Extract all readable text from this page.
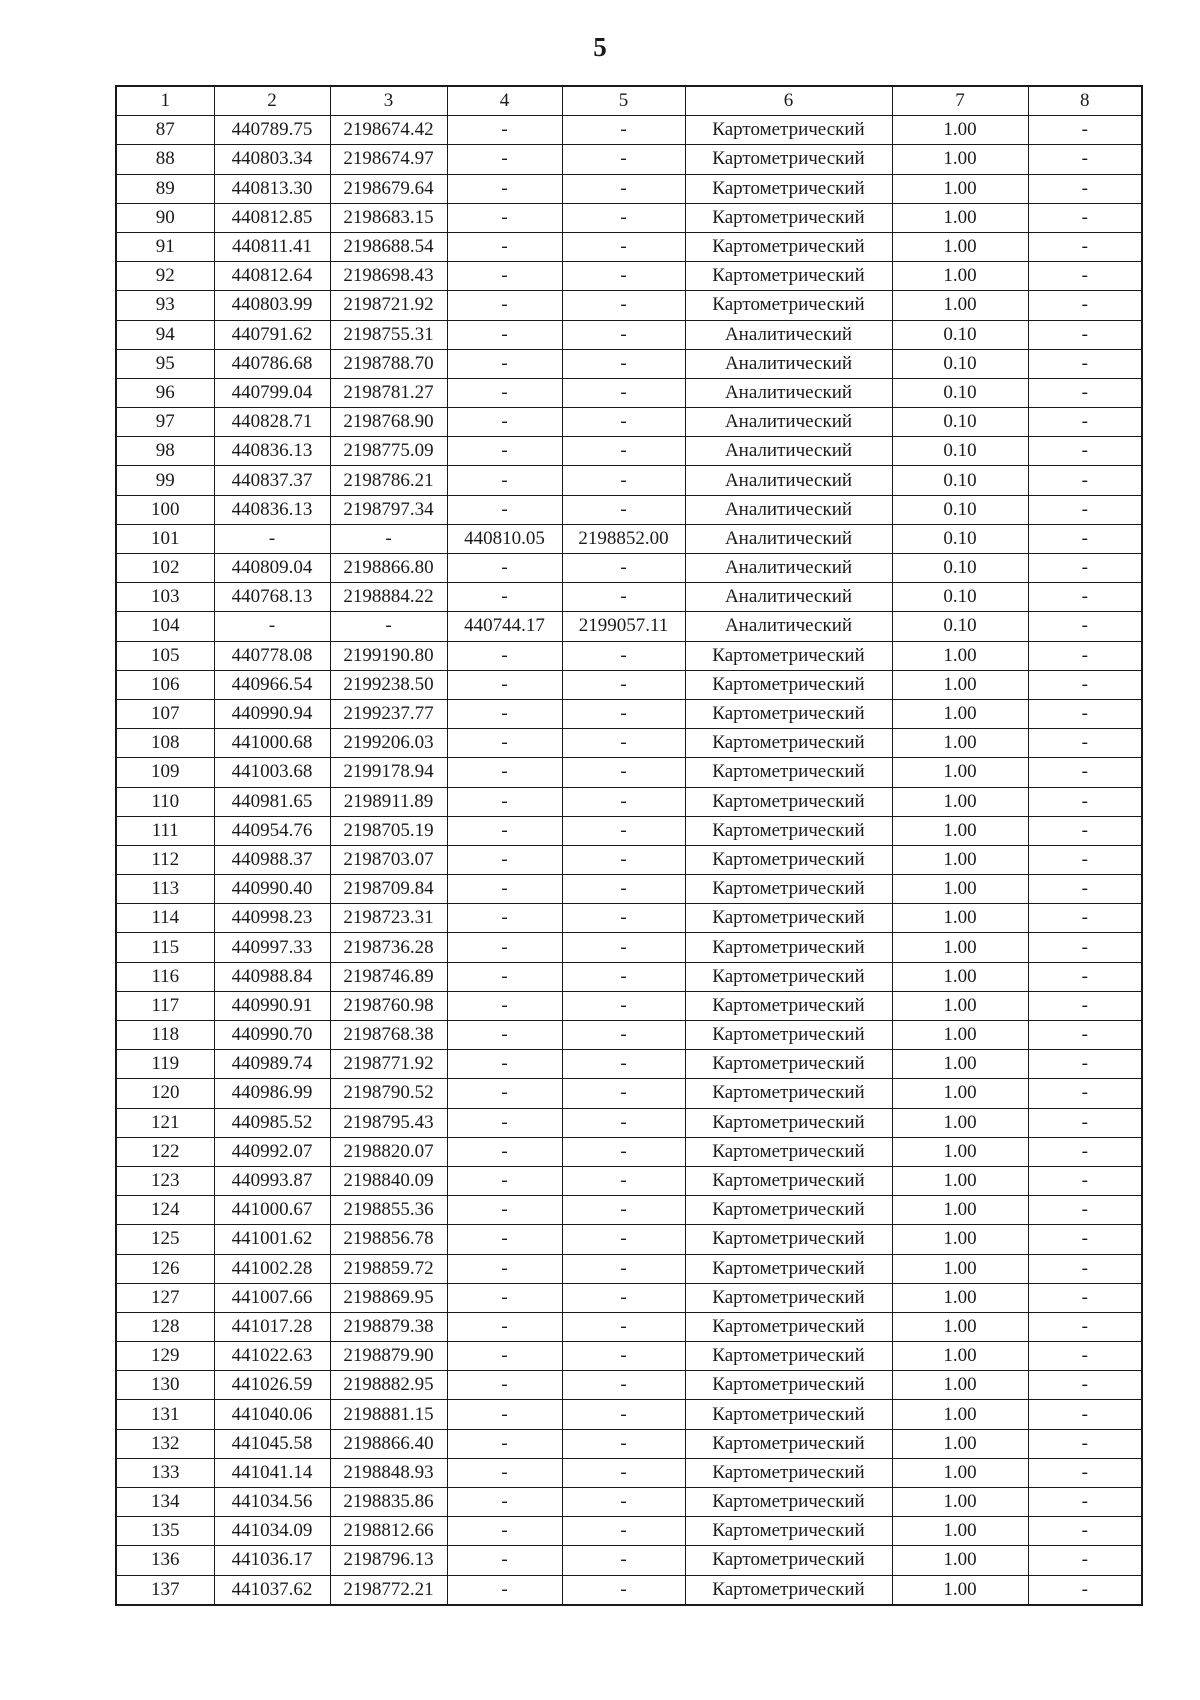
5
1	2	3	4	5	6	7	8
87	440789.75	2198674.42	-	-	Картометрический	1.00	-
88	440803.34	2198674.97	-	-	Картометрический	1.00	-
89	440813.30	2198679.64	-	-	Картометрический	1.00	-
90	440812.85	2198683.15	-	-	Картометрический	1.00	-
91	440811.41	2198688.54	-	-	Картометрический	1.00	-
92	440812.64	2198698.43	-	-	Картометрический	1.00	-
93	440803.99	2198721.92	-	-	Картометрический	1.00	-
94	440791.62	2198755.31	-	-	Аналитический	0.10	-
95	440786.68	2198788.70	-	-	Аналитический	0.10	-
96	440799.04	2198781.27	-	-	Аналитический	0.10	-
97	440828.71	2198768.90	-	-	Аналитический	0.10	-
98	440836.13	2198775.09	-	-	Аналитический	0.10	-
99	440837.37	2198786.21	-	-	Аналитический	0.10	-
100	440836.13	2198797.34	-	-	Аналитический	0.10	-
101	-	-	440810.05	2198852.00	Аналитический	0.10	-
102	440809.04	2198866.80	-	-	Аналитический	0.10	-
103	440768.13	2198884.22	-	-	Аналитический	0.10	-
104	-	-	440744.17	2199057.11	Аналитический	0.10	-
105	440778.08	2199190.80	-	-	Картометрический	1.00	-
106	440966.54	2199238.50	-	-	Картометрический	1.00	-
107	440990.94	2199237.77	-	-	Картометрический	1.00	-
108	441000.68	2199206.03	-	-	Картометрический	1.00	-
109	441003.68	2199178.94	-	-	Картометрический	1.00	-
110	440981.65	2198911.89	-	-	Картометрический	1.00	-
111	440954.76	2198705.19	-	-	Картометрический	1.00	-
112	440988.37	2198703.07	-	-	Картометрический	1.00	-
113	440990.40	2198709.84	-	-	Картометрический	1.00	-
114	440998.23	2198723.31	-	-	Картометрический	1.00	-
115	440997.33	2198736.28	-	-	Картометрический	1.00	-
116	440988.84	2198746.89	-	-	Картометрический	1.00	-
117	440990.91	2198760.98	-	-	Картометрический	1.00	-
118	440990.70	2198768.38	-	-	Картометрический	1.00	-
119	440989.74	2198771.92	-	-	Картометрический	1.00	-
120	440986.99	2198790.52	-	-	Картометрический	1.00	-
121	440985.52	2198795.43	-	-	Картометрический	1.00	-
122	440992.07	2198820.07	-	-	Картометрический	1.00	-
123	440993.87	2198840.09	-	-	Картометрический	1.00	-
124	441000.67	2198855.36	-	-	Картометрический	1.00	-
125	441001.62	2198856.78	-	-	Картометрический	1.00	-
126	441002.28	2198859.72	-	-	Картометрический	1.00	-
127	441007.66	2198869.95	-	-	Картометрический	1.00	-
128	441017.28	2198879.38	-	-	Картометрический	1.00	-
129	441022.63	2198879.90	-	-	Картометрический	1.00	-
130	441026.59	2198882.95	-	-	Картометрический	1.00	-
131	441040.06	2198881.15	-	-	Картометрический	1.00	-
132	441045.58	2198866.40	-	-	Картометрический	1.00	-
133	441041.14	2198848.93	-	-	Картометрический	1.00	-
134	441034.56	2198835.86	-	-	Картометрический	1.00	-
135	441034.09	2198812.66	-	-	Картометрический	1.00	-
136	441036.17	2198796.13	-	-	Картометрический	1.00	-
137	441037.62	2198772.21	-	-	Картометрический	1.00	-
